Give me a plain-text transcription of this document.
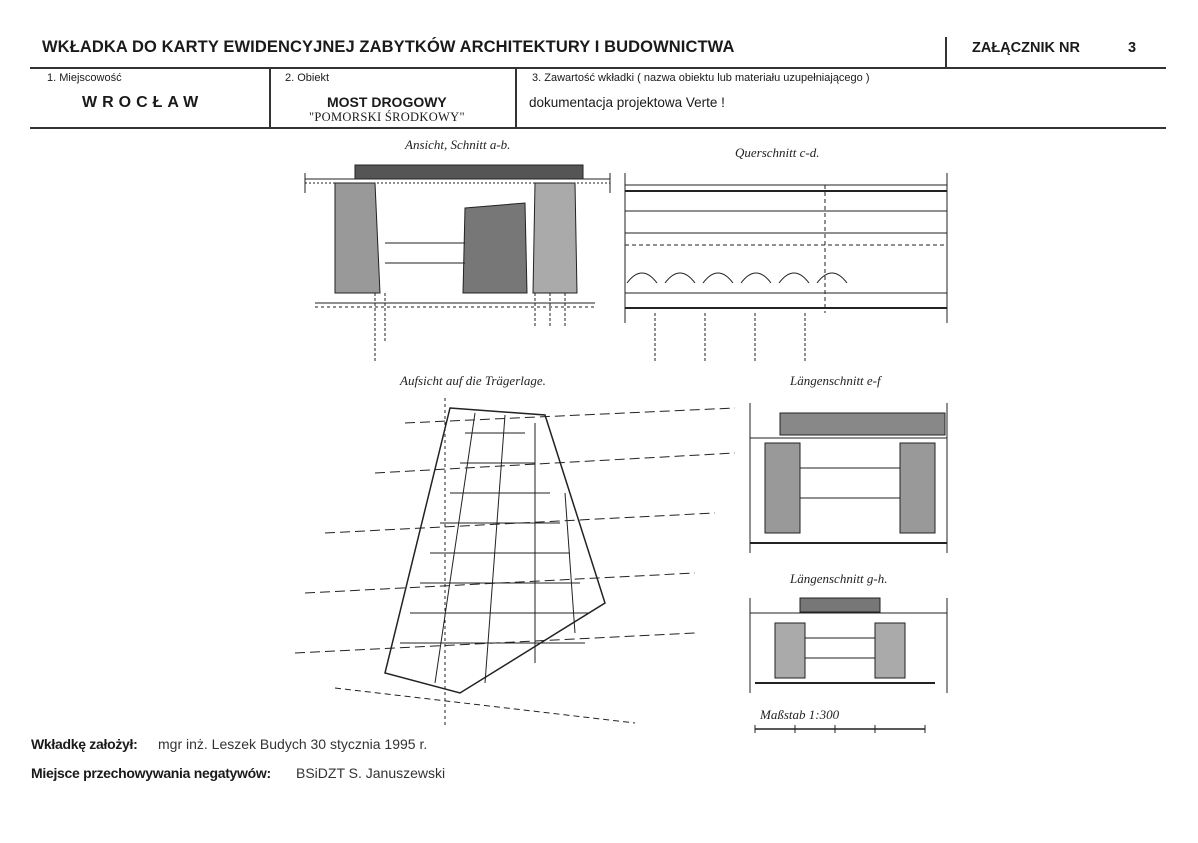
WKŁADKA DO KARTY EWIDENCYJNEJ ZABYTKÓW ARCHITEKTURY I BUDOWNICTWA	ZAŁĄCZNIK NR	3
1. Miejscowość
WROCŁAW
2. Obiekt
MOST DROGOWY
"POMORSKI ŚRODKOWY"
3. Zawartość wkładki ( nazwa obiektu lub materiału uzupełniającego )
dokumentacja projektowa Verte !
Ansicht, Schnitt a-b.
Querschnitt c-d.
Aufsicht auf die Trägerlage.	Längenschnitt e-f
Längenschnitt g-h.
Maßstab 1:300
Wkładkę założył: mgr inż. Leszek Budych 30 stycznia 1995 r.
Miejsce przechowywania negatywów: BSiDZT S. Januszewski
